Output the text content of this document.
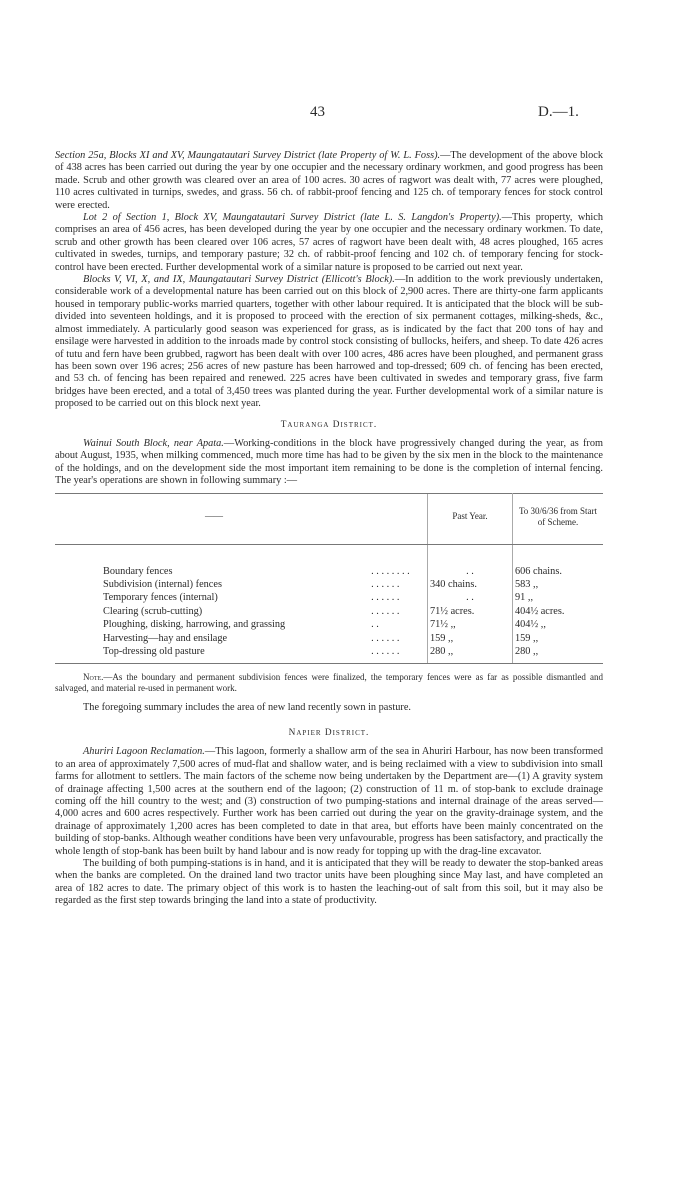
43	D.—1.

Section 25a, Blocks XI and XV, Maungatautari Survey District (late Property of W. L. Foss).—The development of the above block of 438 acres has been carried out during the year by one occupier and the necessary ordinary workmen, and good progress has been made. Scrub and other growth was cleared over an area of 100 acres. 30 acres of ragwort was dealt with, 77 acres were ploughed, 110 acres cultivated in turnips, swedes, and grass. 56 ch. of rabbit-proof fencing and 125 ch. of temporary fences for stock control were erected.

Lot 2 of Section 1, Block XV, Maungatautari Survey District (late L. S. Langdon's Property).—This property, which comprises an area of 456 acres, has been developed during the year by one occupier and the necessary ordinary workmen. To date, scrub and other growth has been cleared over 106 acres, 57 acres of ragwort have been dealt with, 48 acres ploughed, 165 acres cultivated in swedes, turnips, and temporary pasture; 32 ch. of rabbit-proof fencing and 102 ch. of temporary fencing for stock-control have been erected. Further developmental work of a similar nature is proposed to be carried out next year.

Blocks V, VI, X, and IX, Maungatautari Survey District (Ellicott's Block).—In addition to the work previously undertaken, considerable work of a developmental nature has been carried out on this block of 2,900 acres. There are thirty-one farm applicants housed in temporary public-works married quarters, together with other labour required. It is anticipated that the block will be sub-divided into seventeen holdings, and it is proposed to proceed with the erection of six permanent cottages, milking-sheds, &c., almost immediately. A particularly good season was experienced for grass, as is indicated by the fact that 200 tons of hay and ensilage were harvested in addition to the inroads made by control stock consisting of bullocks, heifers, and sheep. To date 426 acres of tutu and fern have been grubbed, ragwort has been dealt with over 100 acres, 486 acres have been ploughed, and permanent grass has been sown over 196 acres; 256 acres of new pasture has been harrowed and top-dressed; 609 ch. of fencing has been erected, and 53 ch. of fencing has been repaired and renewed. 225 acres have been cultivated in swedes and temporary grass, five farm bridges have been erected, and a total of 3,450 trees was planted during the year. Further developmental work of a similar nature is proposed to be carried out on this block next year.

Tauranga District.

Wainui South Block, near Apata.—Working-conditions in the block have progressively changed during the year, as from about August, 1935, when milking commenced, much more time has had to be given by the six men in the block to the maintenance of the holdings, and on the development side the most important item remaining to be done is the completion of internal fencing. The year's operations are shown in following summary :—

——		Past Year.	To 30/6/36 from Start of Scheme.

Boundary fences	. . . . . . . .	. .	606 chains.
Subdivision (internal) fences	. . . . . .	340 chains.	583 ,,
Temporary fences (internal)	. . . . . .	. .	91 ,,
Clearing (scrub-cutting)	. . . . . .	71½ acres.	404½ acres.
Ploughing, disking, harrowing, and grassing	. .	71½ ,,	404½ ,,
Harvesting—hay and ensilage	. . . . . .	159 ,,	159 ,,
Top-dressing old pasture	. . . . . .	280 ,,	280 ,,

Note.—As the boundary and permanent subdivision fences were finalized, the temporary fences were as far as possible dismantled and salvaged, and material re-used in permanent work.

The foregoing summary includes the area of new land recently sown in pasture.

Napier District.

Ahuriri Lagoon Reclamation.—This lagoon, formerly a shallow arm of the sea in Ahuriri Harbour, has now been transformed to an area of approximately 7,500 acres of mud-flat and shallow water, and is being reclaimed with a view to subdivision into small farms for allotment to settlers. The main factors of the scheme now being undertaken by the Department are—(1) A gravity system of drainage affecting 1,500 acres at the southern end of the lagoon; (2) construction of 11 m. of stop-bank to exclude drainage coming off the hill country to the west; and (3) construction of two pumping-stations and internal drainage of the areas served—4,000 acres and 600 acres respectively. Further work has been carried out during the year on the gravity-drainage system, and the drainage of approximately 1,200 acres has been completed to date in that area, but efforts have been mainly concentrated on the building of stop-banks. Although weather conditions have been very unfavourable, progress has been satisfactory, and practically the whole length of stop-bank has been built by hand labour and is now ready for topping up with the drag-line excavator.

The building of both pumping-stations is in hand, and it is anticipated that they will be ready to dewater the stop-banked areas when the banks are completed. On the drained land two tractor units have been ploughing since May last, and have completed an area of 182 acres to date. The primary object of this work is to hasten the leaching-out of salt from this soil, but it may also be regarded as the first step towards bringing the land into a state of productivity.
